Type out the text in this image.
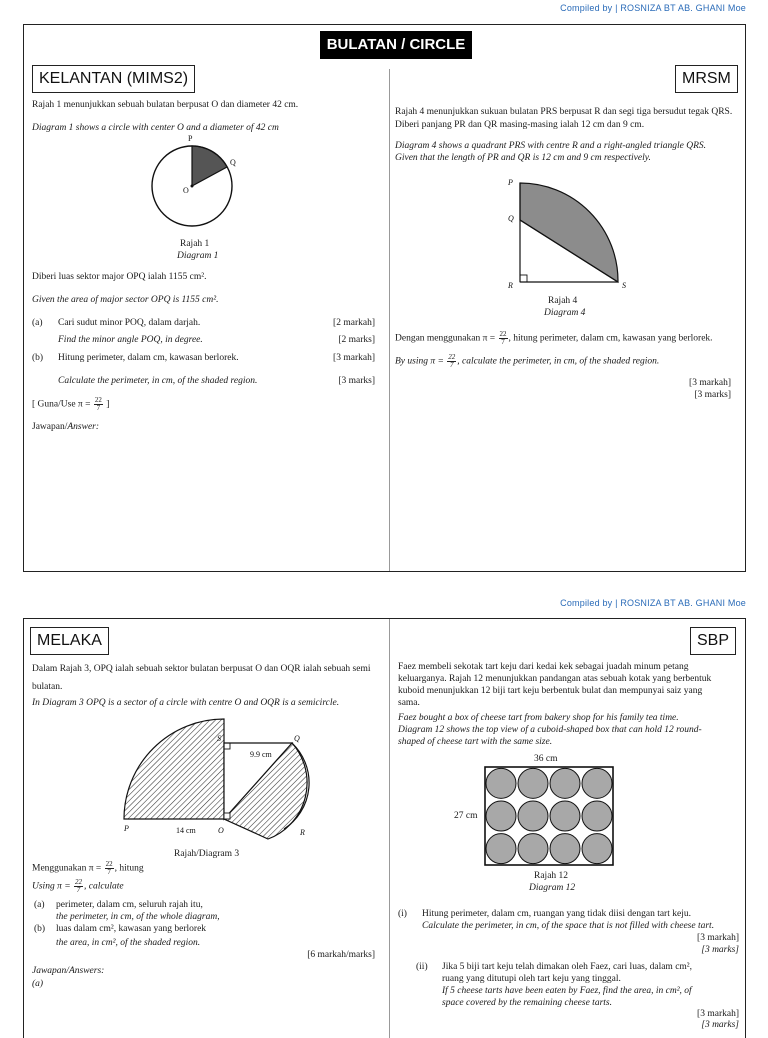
Compiled by | ROSNIZA BT AB. GHANI Moe
BULATAN / CIRCLE
KELANTAN (MIMS2)
Rajah 1 menunjukkan sebuah bulatan berpusat O dan diameter 42 cm.
Diagram 1 shows a circle with center O and a diameter of 42 cm
P
Q
O
Rajah 1
Diagram 1
Diberi luas sektor major OPQ ialah 1155 cm².
Given the area of major sector OPQ is 1155 cm².
(a) Cari sudut minor POQ, dalam darjah.	[2 markah]
Find the minor angle POQ, in degree.	[2 marks]
(b) Hitung perimeter, dalam cm, kawasan berlorek.	[3 markah]
Calculate the perimeter, in cm, of the shaded region.	[3 marks]
[ Guna/Use $\pi = \frac{22}{7}$ ]
Jawapan/Answer:
MRSM
Rajah 4 menunjukkan sukuan bulatan PRS berpusat R dan segi tiga bersudut tegak QRS.
Diberi panjang PR dan QR masing-masing ialah 12 cm dan 9 cm.
Diagram 4 shows a quadrant PRS with centre R and a right-angled triangle QRS.
Given that the length of PR and QR is 12 cm and 9 cm respectively.
P
Q
R	S
Rajah 4
Diagram 4
Dengan menggunakan $\pi = \frac{22}{7}$ , hitung perimeter, dalam cm, kawasan yang berlorek.
By using $\pi = \frac{22}{7}$ , calculate the perimeter, in cm, of the shaded region.
[3 markah]
[3 marks]
Compiled by | ROSNIZA BT AB. GHANI Moe
MELAKA
Dalam Rajah 3, OPQ ialah sebuah sektor bulatan berpusat O dan OQR ialah sebuah semi
bulatan.
In Diagram 3 OPQ is a sector of a circle with centre O and OQR is a semicircle.
S	Q
9.9 cm
P	14 cm	O	R
Rajah/Diagram 3
Menggunakan $\pi = \frac{22}{7}$ , hitung
Using $\pi = \frac{22}{7}$ , calculate
(a) perimeter, dalam cm, seluruh rajah itu,
the perimeter, in cm, of the whole diagram,
(b) luas dalam cm², kawasan yang berlorek
the area, in cm², of the shaded region.
[6 markah/marks]
Jawapan/Answers:
(a)
SBP
Faez membeli sekotak tart keju dari kedai kek sebagai juadah minum petang
keluarganya. Rajah 12 menunjukkan pandangan atas sebuah kotak yang berbentuk
kuboid menunjukkan 12 biji tart keju berbentuk bulat dan mempunyai saiz yang
sama.
Faez bought a box of cheese tart from bakery shop for his family tea time.
Diagram 12 shows the top view of a cuboid-shaped box that can hold 12 round-
shaped of cheese tart with the same size.
36 cm
27 cm
Rajah 12
Diagram 12
(i) Hitung perimeter, dalam cm, ruangan yang tidak diisi dengan tart keju.
Calculate the perimeter, in cm, of the space that is not filled with cheese tart.
[3 markah]
[3 marks]
(ii) Jika 5 biji tart keju telah dimakan oleh Faez, cari luas, dalam cm²,
ruang yang ditutupi oleh tart keju yang tinggal.
If 5 cheese tarts have been eaten by Faez, find the area, in cm², of
space covered by the remaining cheese tarts.
[3 markah]
[3 marks]
